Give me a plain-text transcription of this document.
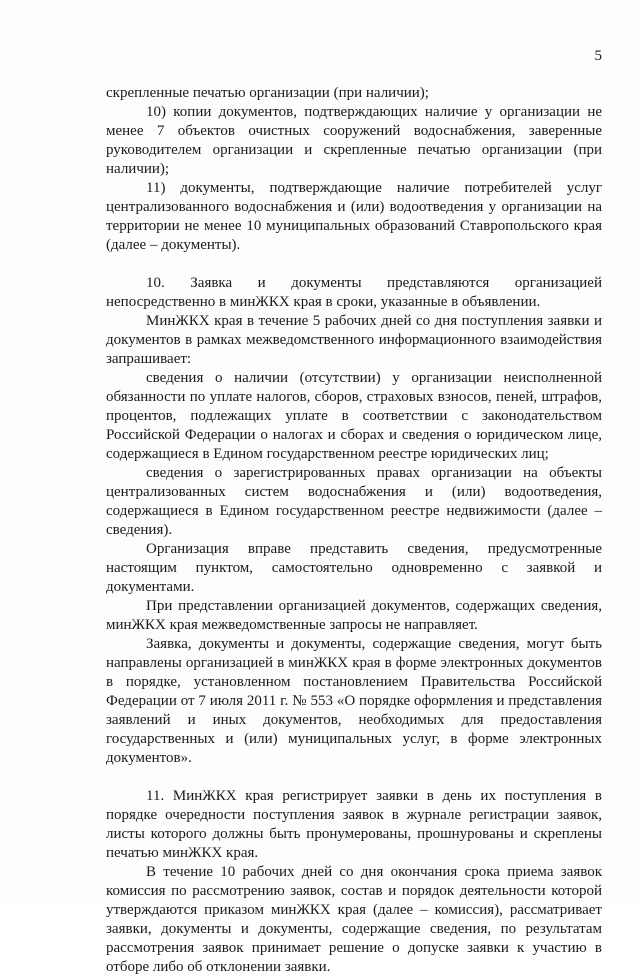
5

скрепленные печатью организации (при наличии);

10) копии документов, подтверждающих наличие у организации не менее 7 объектов очистных сооружений водоснабжения, заверенные руководителем организации и скрепленные печатью организации (при наличии);

11) документы, подтверждающие наличие потребителей услуг централизованного водоснабжения и (или) водоотведения у организации на территории не менее 10 муниципальных образований Ставропольского края (далее – документы).

10. Заявка и документы представляются организацией непосредственно в минЖКХ края в сроки, указанные в объявлении.

МинЖКХ края в течение 5 рабочих дней со дня поступления заявки и документов в рамках межведомственного информационного взаимодействия запрашивает:

сведения о наличии (отсутствии) у организации неисполненной обязанности по уплате налогов, сборов, страховых взносов, пеней, штрафов, процентов, подлежащих уплате в соответствии с законодательством Российской Федерации о налогах и сборах и сведения о юридическом лице, содержащиеся в Едином государственном реестре юридических лиц;

сведения о зарегистрированных правах организации на объекты централизованных систем водоснабжения и (или) водоотведения, содержащиеся в Едином государственном реестре недвижимости (далее – сведения).

Организация вправе представить сведения, предусмотренные настоящим пунктом, самостоятельно одновременно с заявкой и документами.

При представлении организацией документов, содержащих сведения, минЖКХ края межведомственные запросы не направляет.

Заявка, документы и документы, содержащие сведения, могут быть направлены организацией в минЖКХ края в форме электронных документов в порядке, установленном постановлением Правительства Российской Федерации от 7 июля 2011 г. № 553 «О порядке оформления и представления заявлений и иных документов, необходимых для предоставления государственных и (или) муниципальных услуг, в форме электронных документов».

11. МинЖКХ края регистрирует заявки в день их поступления в порядке очередности поступления заявок в журнале регистрации заявок, листы которого должны быть пронумерованы, прошнурованы и скреплены печатью минЖКХ края.

В течение 10 рабочих дней со дня окончания срока приема заявок комиссия по рассмотрению заявок, состав и порядок деятельности которой утверждаются приказом минЖКХ края (далее – комиссия), рассматривает заявки, документы и документы, содержащие сведения, по результатам рассмотрения заявок принимает решение о допуске заявки к участию в отборе либо об отклонении заявки.
